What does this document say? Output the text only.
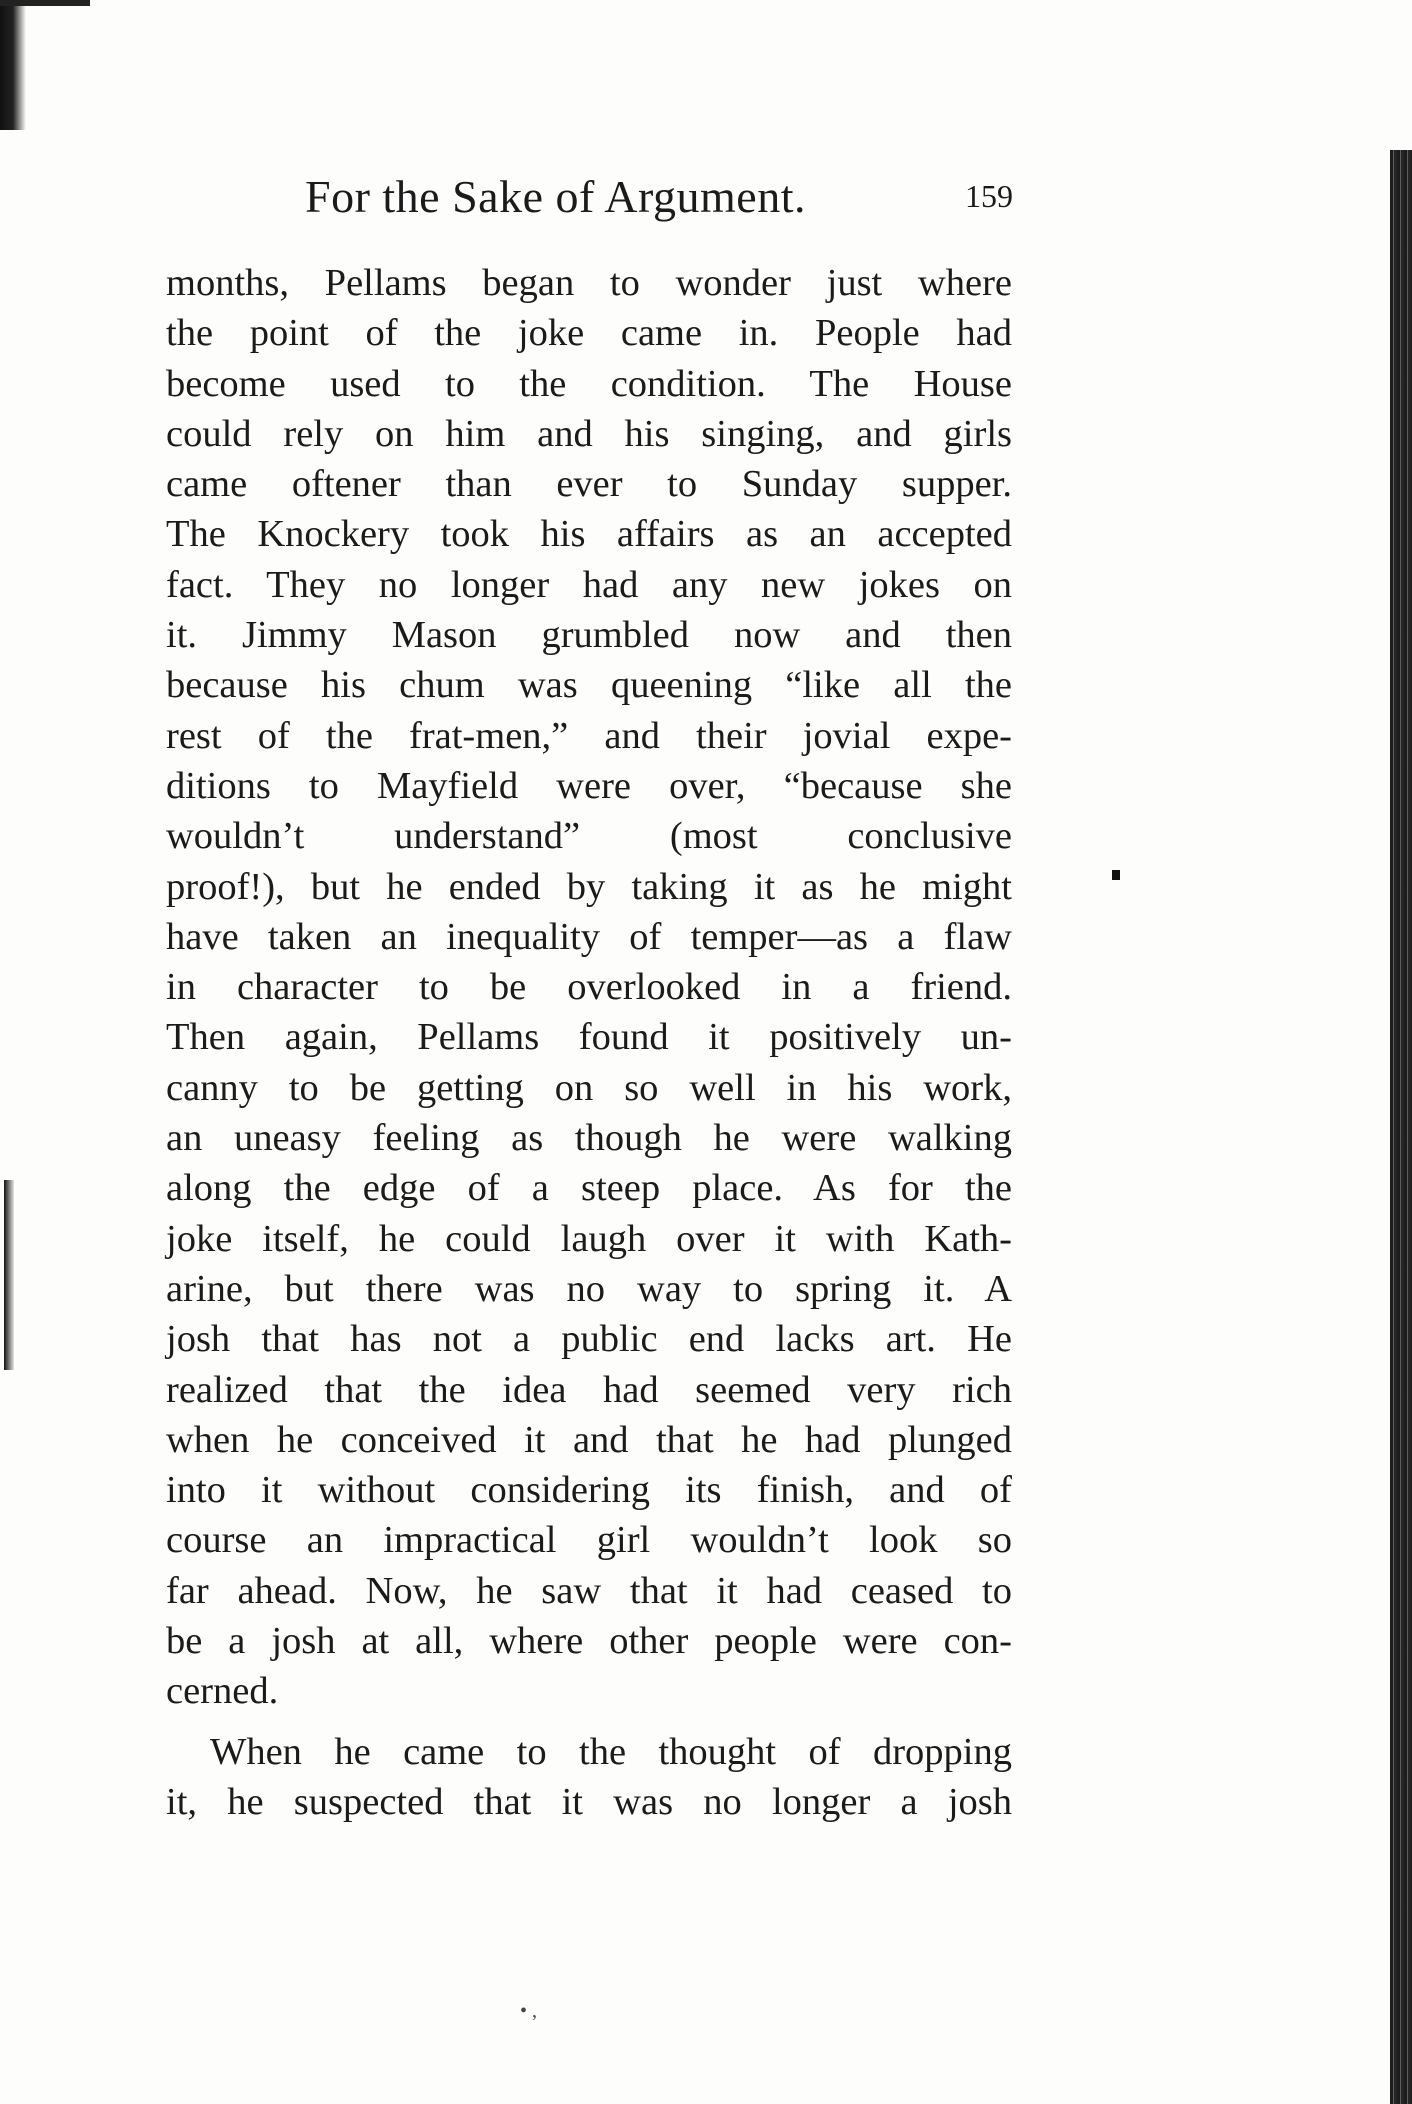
For the Sake of Argument.	159
months, Pellams began to wonder just where
the point of the joke came in. People had
become used to the condition. The House
could rely on him and his singing, and girls
came oftener than ever to Sunday supper.
The Knockery took his affairs as an accepted
fact. They no longer had any new jokes on
it. Jimmy Mason grumbled now and then
because his chum was queening “like all the
rest of the frat-men,” and their jovial expe-
ditions to Mayfield were over, “because she
wouldn’t understand” (most conclusive
proof!), but he ended by taking it as he might
have taken an inequality of temper—as a flaw
in character to be overlooked in a friend.
Then again, Pellams found it positively un-
canny to be getting on so well in his work,
an uneasy feeling as though he were walking
along the edge of a steep place. As for the
joke itself, he could laugh over it with Kath-
arine, but there was no way to spring it. A
josh that has not a public end lacks art. He
realized that the idea had seemed very rich
when he conceived it and that he had plunged
into it without considering its finish, and of
course an impractical girl wouldn’t look so
far ahead. Now, he saw that it had ceased to
be a josh at all, where other people were con-
cerned.
When he came to the thought of dropping
it, he suspected that it was no longer a josh
• ,
